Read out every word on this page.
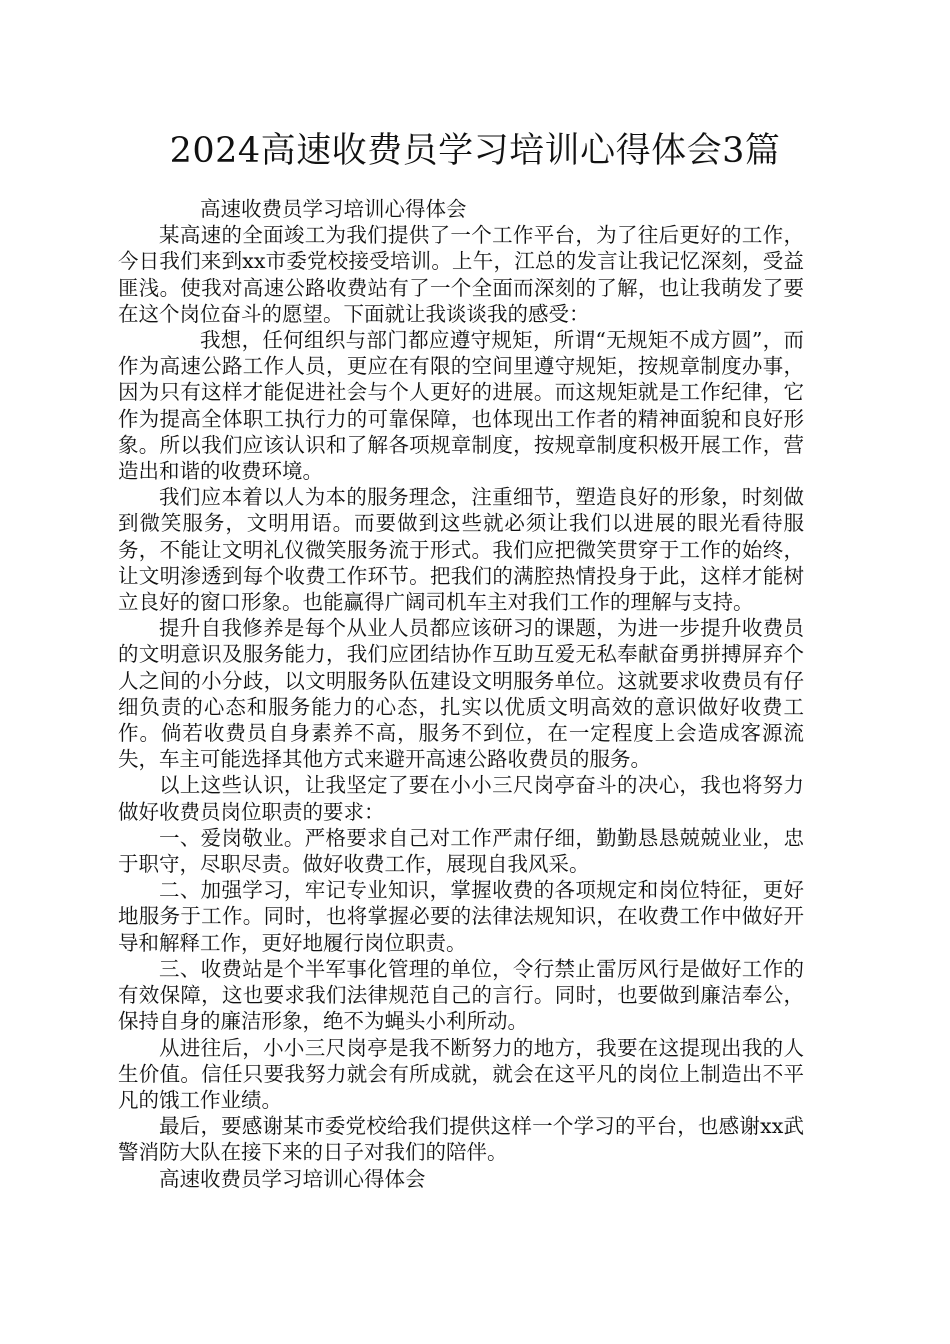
2024高速收费员学习培训心得体会3篇

高速收费员学习培训心得体会

某高速的全面竣工为我们提供了一个工作平台，为了往后更好的工作，今日我们来到xx市委党校接受培训。上午，江总的发言让我记忆深刻，受益匪浅。使我对高速公路收费站有了一个全面而深刻的了解，也让我萌发了要在这个岗位奋斗的愿望。下面就让我谈谈我的感受：

我想，任何组织与部门都应遵守规矩，所谓“无规矩不成方圆”，而作为高速公路工作人员，更应在有限的空间里遵守规矩，按规章制度办事，因为只有这样才能促进社会与个人更好的进展。而这规矩就是工作纪律，它作为提高全体职工执行力的可靠保障，也体现出工作者的精神面貌和良好形象。所以我们应该认识和了解各项规章制度，按规章制度积极开展工作，营造出和谐的收费环境。

我们应本着以人为本的服务理念，注重细节，塑造良好的形象，时刻做到微笑服务，文明用语。而要做到这些就必须让我们以进展的眼光看待服务，不能让文明礼仪微笑服务流于形式。我们应把微笑贯穿于工作的始终，让文明渗透到每个收费工作环节。把我们的满腔热情投身于此，这样才能树立良好的窗口形象。也能赢得广阔司机车主对我们工作的理解与支持。

提升自我修养是每个从业人员都应该研习的课题，为进一步提升收费员的文明意识及服务能力，我们应团结协作互助互爱无私奉献奋勇拼搏屏弃个人之间的小分歧，以文明服务队伍建设文明服务单位。这就要求收费员有仔细负责的心态和服务能力的心态，扎实以优质文明高效的意识做好收费工作。倘若收费员自身素养不高，服务不到位，在一定程度上会造成客源流失，车主可能选择其他方式来避开高速公路收费员的服务。

以上这些认识，让我坚定了要在小小三尺岗亭奋斗的决心，我也将努力做好收费员岗位职责的要求：

一、爱岗敬业。严格要求自己对工作严肃仔细，勤勤恳恳兢兢业业，忠于职守，尽职尽责。做好收费工作，展现自我风采。

二、加强学习，牢记专业知识，掌握收费的各项规定和岗位特征，更好地服务于工作。同时，也将掌握必要的法律法规知识，在收费工作中做好开导和解释工作，更好地履行岗位职责。

三、收费站是个半军事化管理的单位，令行禁止雷厉风行是做好工作的有效保障，这也要求我们法律规范自己的言行。同时，也要做到廉洁奉公，保持自身的廉洁形象，绝不为蝇头小利所动。

从进往后，小小三尺岗亭是我不断努力的地方，我要在这提现出我的人生价值。信任只要我努力就会有所成就，就会在这平凡的岗位上制造出不平凡的饿工作业绩。

最后，要感谢某市委党校给我们提供这样一个学习的平台，也感谢xx武警消防大队在接下来的日子对我们的陪伴。

高速收费员学习培训心得体会
